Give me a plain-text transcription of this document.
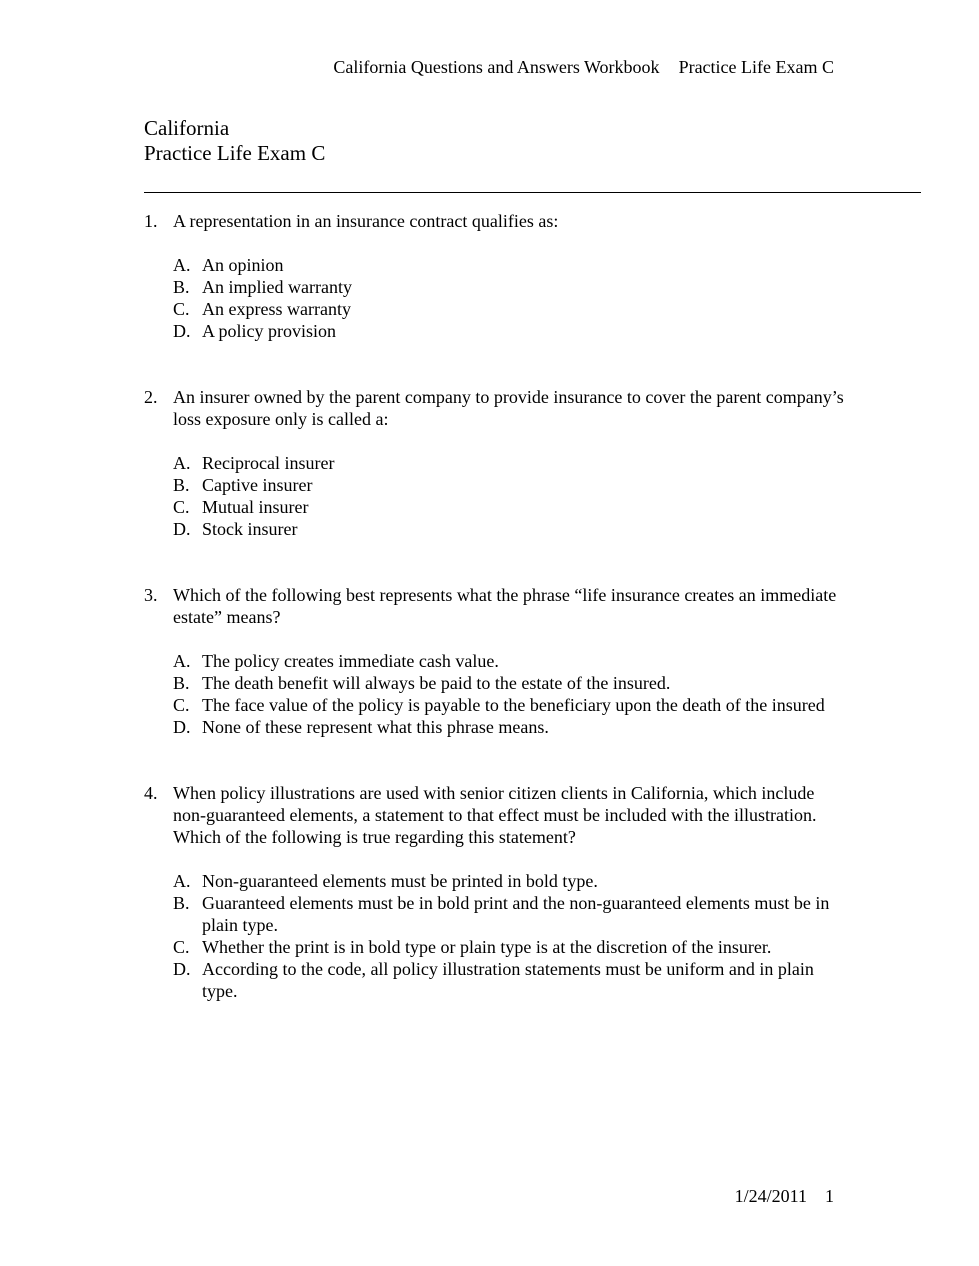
California Questions and Answers Workbook Practice Life Exam C
California
Practice Life Exam C
1. A representation in an insurance contract qualifies as:
A. An opinion
B. An implied warranty
C. An express warranty
D. A policy provision
2. An insurer owned by the parent company to provide insurance to cover the parent company’s loss exposure only is called a:
A. Reciprocal insurer
B. Captive insurer
C. Mutual insurer
D. Stock insurer
3. Which of the following best represents what the phrase “life insurance creates an immediate estate” means?
A. The policy creates immediate cash value.
B. The death benefit will always be paid to the estate of the insured.
C. The face value of the policy is payable to the beneficiary upon the death of the insured
D. None of these represent what this phrase means.
4. When policy illustrations are used with senior citizen clients in California, which include non-guaranteed elements, a statement to that effect must be included with the illustration. Which of the following is true regarding this statement?
A. Non-guaranteed elements must be printed in bold type.
B. Guaranteed elements must be in bold print and the non-guaranteed elements must be in plain type.
C. Whether the print is in bold type or plain type is at the discretion of the insurer.
D. According to the code, all policy illustration statements must be uniform and in plain type.
1/24/2011 1
